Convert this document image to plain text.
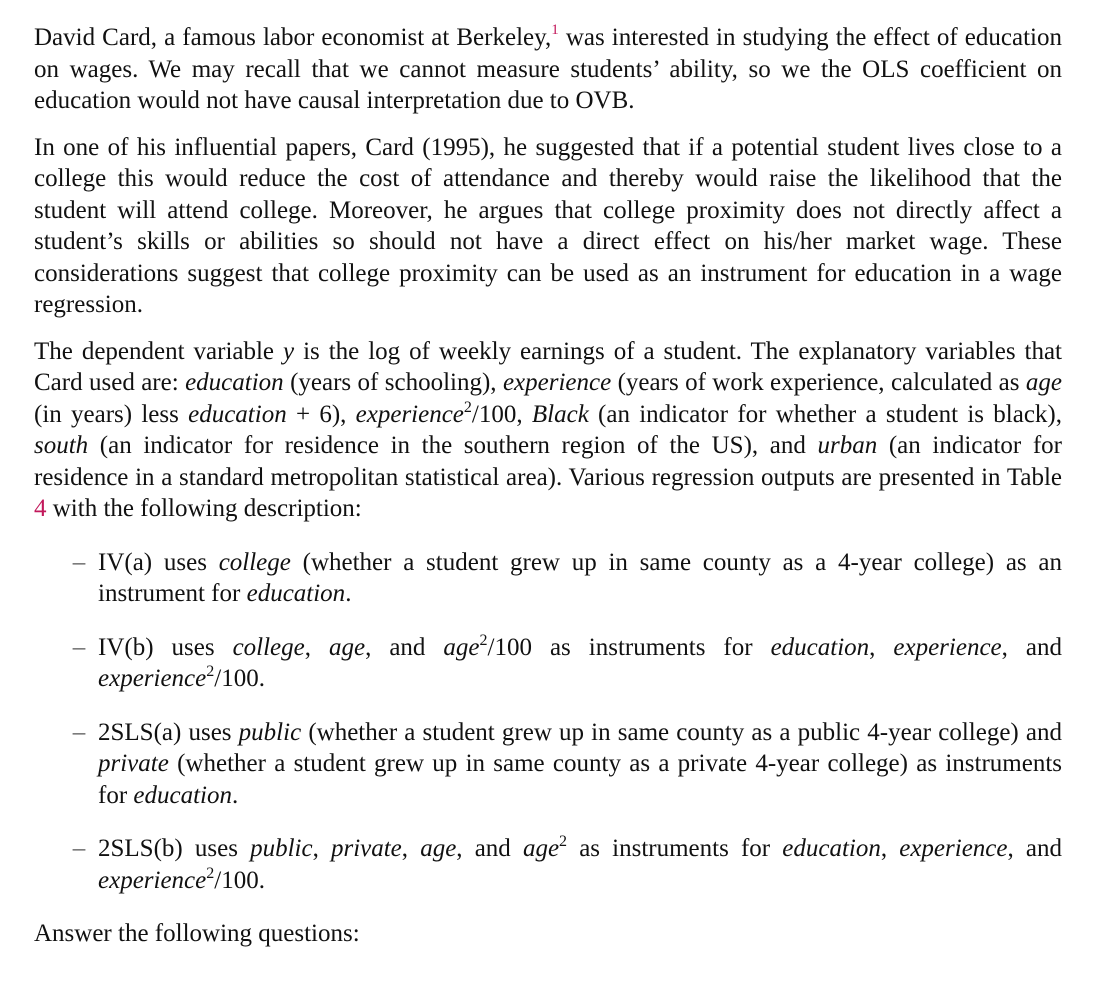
David Card, a famous labor economist at Berkeley,$^1$ was interested in studying the effect of education on wages. We may recall that we cannot measure students’ ability, so we the OLS coefficient on education would not have causal interpretation due to OVB.

In one of his influential papers, Card (1995), he suggested that if a potential student lives close to a college this would reduce the cost of attendance and thereby would raise the likelihood that the student will attend college. Moreover, he argues that college proximity does not directly affect a student’s skills or abilities so should not have a direct effect on his/her market wage. These considerations suggest that college proximity can be used as an instrument for education in a wage regression.

The dependent variable y is the log of weekly earnings of a student. The explanatory variables that Card used are: education (years of schooling), experience (years of work experience, calculated as age (in years) less education + 6), experience$^2$/100, Black (an indicator for whether a student is black), south (an indicator for residence in the southern region of the US), and urban (an indicator for residence in a standard metropolitan statistical area). Various regression outputs are presented in Table 4 with the following description:

– IV(a) uses college (whether a student grew up in same county as a 4-year college) as an instrument for education.
– IV(b) uses college, age, and age$^2$/100 as instruments for education, experience, and experience$^2$/100.
– 2SLS(a) uses public (whether a student grew up in same county as a public 4-year college) and private (whether a student grew up in same county as a private 4-year college) as instruments for education.
– 2SLS(b) uses public, private, age, and age$^2$ as instruments for education, experience, and experience$^2$/100.

Answer the following questions:
